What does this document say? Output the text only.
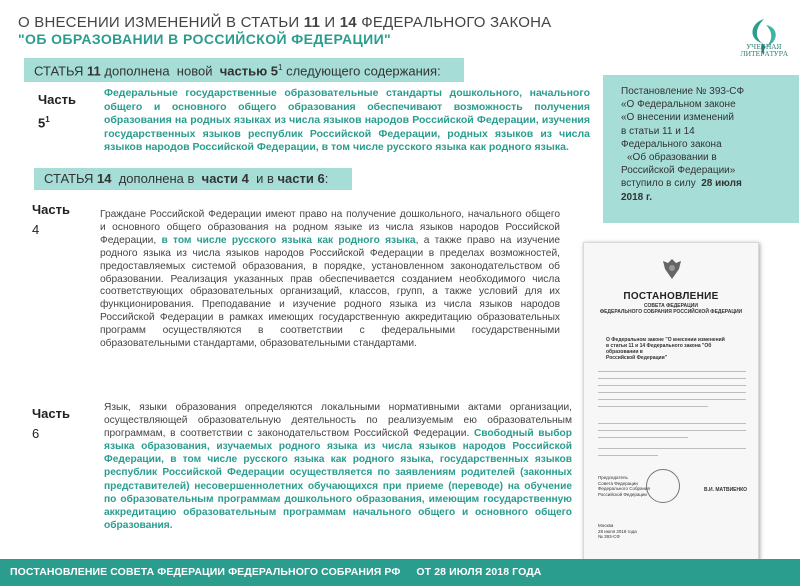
О ВНЕСЕНИИ ИЗМЕНЕНИЙ В СТАТЬИ 11 И 14 ФЕДЕРАЛЬНОГО ЗАКОНА
"ОБ ОБРАЗОВАНИИ В РОССИЙСКОЙ ФЕДЕРАЦИИ"	УЧЕБНАЯ
ЛИТЕРАТУРА
СТАТЬЯ 11 дополнена  новой  частью $5^1$ следующего содержания:
Часть
$5^1$
Федеральные государственные образовательные стандарты дошкольного, начального общего и основного общего образования обеспечивают возможность получения образования на родных языках из числа языков народов Российской Федерации, изучения государственных языков республик Российской Федерации, родных языков из числа языков народов Российской Федерации, в том числе русского языка как родного языка.
СТАТЬЯ 14  дополнена в  части 4  и в части 6:
Часть
4
Граждане Российской Федерации имеют право на получение дошкольного, начального общего и основного общего образования на родном языке из числа языков народов Российской Федерации, в том числе русского языка как родного языка, а также право на изучение родного языка из числа языков народов Российской Федерации в пределах возможностей, предоставляемых системой образования, в порядке, установленном законодательством об образовании. Реализация указанных прав обеспечивается созданием необходимого числа соответствующих образовательных организаций, классов, групп, а также условий для их функционирования. Преподавание и изучение родного языка из числа языков народов Российской Федерации в рамках имеющих государственную аккредитацию образовательных программ осуществляются в соответствии с федеральными государственными образовательными стандартами, образовательными стандартами.
Часть
6
Язык, языки образования определяются локальными нормативными актами организации, осуществляющей образовательную деятельность по реализуемым ею образовательным программам, в соответствии с законодательством Российской Федерации. Свободный выбор языка образования, изучаемых родного языка из числа языков народов Российской Федерации, в том числе русского языка как родного языка, государственных языков республик Российской Федерации осуществляется по заявлениям родителей (законных представителей) несовершеннолетних обучающихся при приеме (переводе) на обучение по образовательным программам дошкольного образования, имеющим государственную аккредитацию образовательным программам начального общего и основного общего образования.
Постановление № 393-СФ
«О Федеральном законе
«О внесении изменений
в статьи 11 и 14
Федерального закона
«Об образовании в
Российской Федерации»
вступило в силу  28 июля
2018 г.
ПОСТАНОВЛЕНИЕ
СОВЕТА ФЕДЕРАЦИИ
ФЕДЕРАЛЬНОГО СОБРАНИЯ РОССИЙСКОЙ ФЕДЕРАЦИИ
О Федеральном законе "О внесении изменений
в статьи 11 и 14 Федерального закона "Об образовании в
Российской Федерации"
Председатель
Совета Федерации
Федерального Собрания
Российской Федерации
В.И. МАТВИЕНКО
Москва
28 июля 2018 года
№ 393-СФ
ПОСТАНОВЛЕНИЕ СОВЕТА ФЕДЕРАЦИИ ФЕДЕРАЛЬНОГО СОБРАНИЯ РФ ОТ 28 ИЮЛЯ 2018 ГОДА
